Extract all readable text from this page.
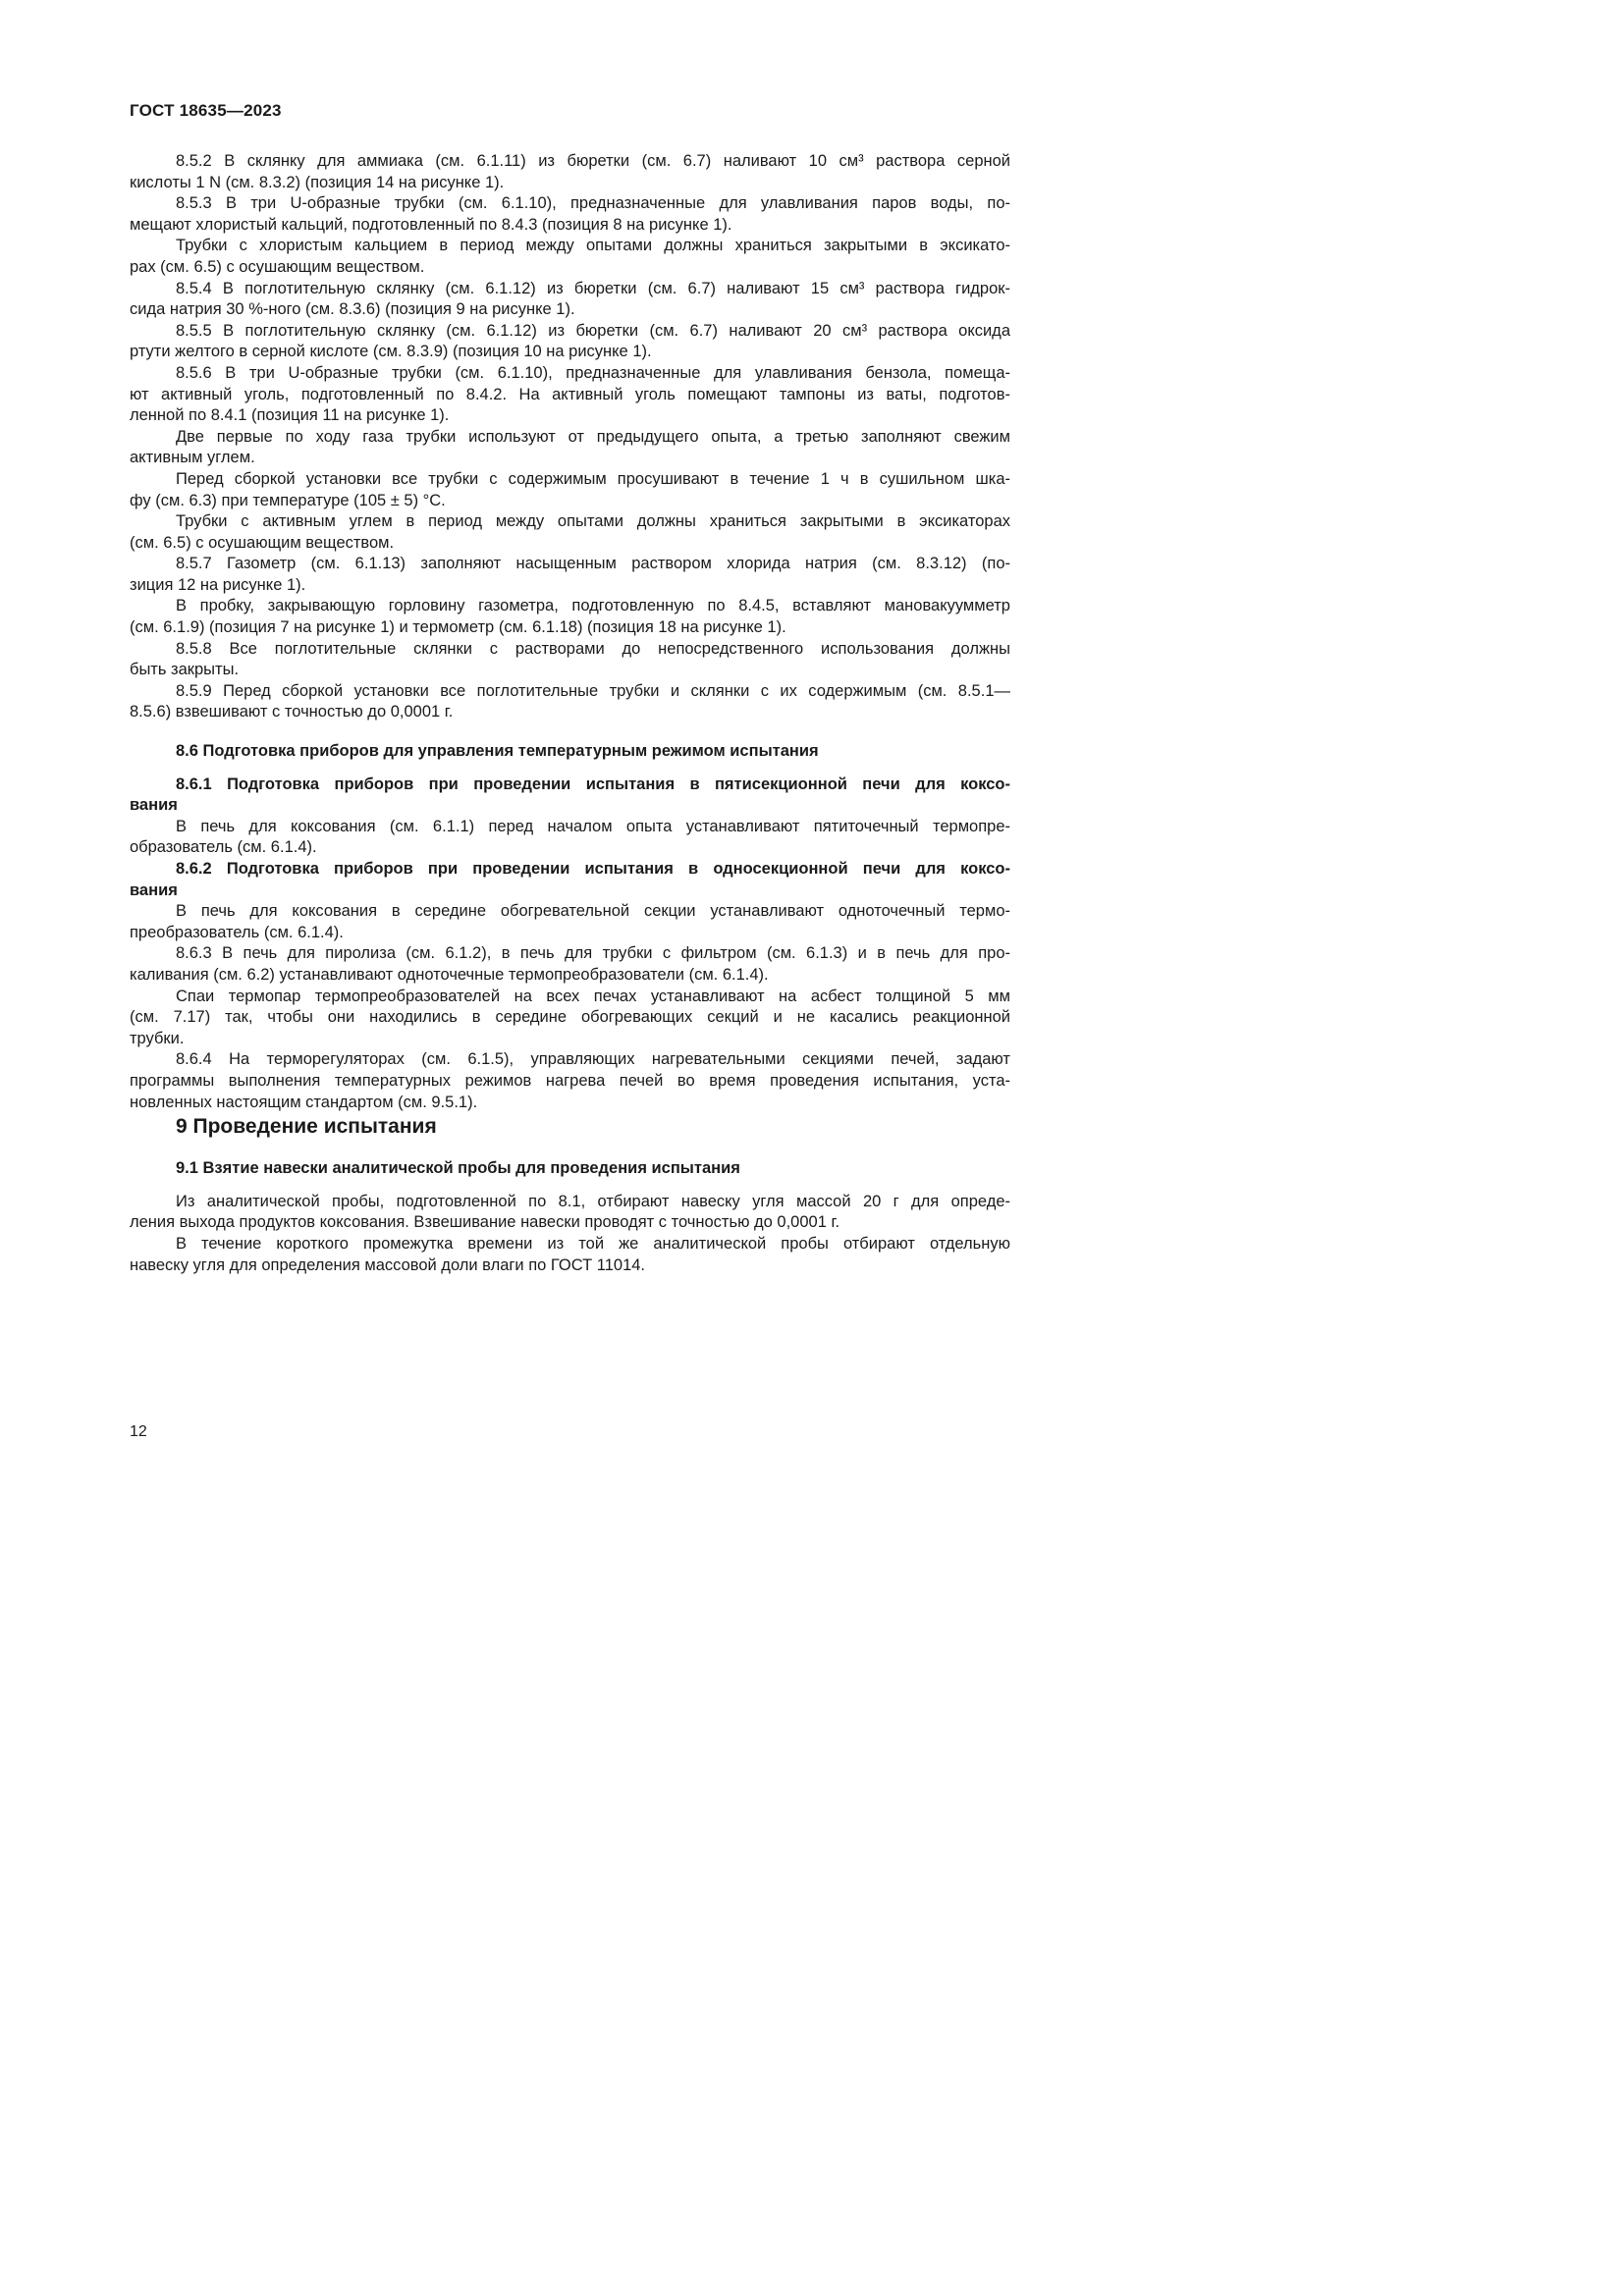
ГОСТ 18635—2023
8.5.2 В склянку для аммиака (см. 6.1.11) из бюретки (см. 6.7) наливают 10 см³ раствора серной
кислоты 1 N (см. 8.3.2) (позиция 14 на рисунке 1).
8.5.3 В три U-образные трубки (см. 6.1.10), предназначенные для улавливания паров воды, по-
мещают хлористый кальций, подготовленный по 8.4.3 (позиция 8 на рисунке 1).
Трубки с хлористым кальцием в период между опытами должны храниться закрытыми в эксикато-
рах (см. 6.5) с осушающим веществом.
8.5.4 В поглотительную склянку (см. 6.1.12) из бюретки (см. 6.7) наливают 15 см³ раствора гидрок-
сида натрия 30 %-ного (см. 8.3.6) (позиция 9 на рисунке 1).
8.5.5 В поглотительную склянку (см. 6.1.12) из бюретки (см. 6.7) наливают 20 см³ раствора оксида
ртути желтого в серной кислоте (см. 8.3.9) (позиция 10 на рисунке 1).
8.5.6 В три U-образные трубки (см. 6.1.10), предназначенные для улавливания бензола, помеща-
ют активный уголь, подготовленный по 8.4.2. На активный уголь помещают тампоны из ваты, подготов-
ленной по 8.4.1 (позиция 11 на рисунке 1).
Две первые по ходу газа трубки используют от предыдущего опыта, а третью заполняют свежим
активным углем.
Перед сборкой установки все трубки с содержимым просушивают в течение 1 ч в сушильном шка-
фу (см. 6.3) при температуре (105 ± 5) °С.
Трубки с активным углем в период между опытами должны храниться закрытыми в эксикаторах
(см. 6.5) с осушающим веществом.
8.5.7 Газометр (см. 6.1.13) заполняют насыщенным раствором хлорида натрия (см. 8.3.12) (по-
зиция 12 на рисунке 1).
В пробку, закрывающую горловину газометра, подготовленную по 8.4.5, вставляют мановакуумметр
(см. 6.1.9) (позиция 7 на рисунке 1) и термометр (см. 6.1.18) (позиция 18 на рисунке 1).
8.5.8 Все поглотительные склянки с растворами до непосредственного использования должны
быть закрыты.
8.5.9 Перед сборкой установки все поглотительные трубки и склянки с их содержимым (см. 8.5.1—
8.5.6) взвешивают с точностью до 0,0001 г.
8.6 Подготовка приборов для управления температурным режимом испытания
8.6.1 Подготовка приборов при проведении испытания в пятисекционной печи для коксо-
вания
В печь для коксования (см. 6.1.1) перед началом опыта устанавливают пятиточечный термопре-
образователь (см. 6.1.4).
8.6.2 Подготовка приборов при проведении испытания в односекционной печи для коксо-
вания
В печь для коксования в середине обогревательной секции устанавливают одноточечный термо-
преобразователь (см. 6.1.4).
8.6.3 В печь для пиролиза (см. 6.1.2), в печь для трубки с фильтром (см. 6.1.3) и в печь для про-
каливания (см. 6.2) устанавливают одноточечные термопреобразователи (см. 6.1.4).
Спаи термопар термопреобразователей на всех печах устанавливают на асбест толщиной 5 мм
(см. 7.17) так, чтобы они находились в середине обогревающих секций и не касались реакционной
трубки.
8.6.4 На терморегуляторах (см. 6.1.5), управляющих нагревательными секциями печей, задают
программы выполнения температурных режимов нагрева печей во время проведения испытания, уста-
новленных настоящим стандартом (см. 9.5.1).
9 Проведение испытания
9.1 Взятие навески аналитической пробы для проведения испытания
Из аналитической пробы, подготовленной по 8.1, отбирают навеску угля массой 20 г для опреде-
ления выхода продуктов коксования. Взвешивание навески проводят с точностью до 0,0001 г.
В течение короткого промежутка времени из той же аналитической пробы отбирают отдельную
навеску угля для определения массовой доли влаги по ГОСТ 11014.
12
